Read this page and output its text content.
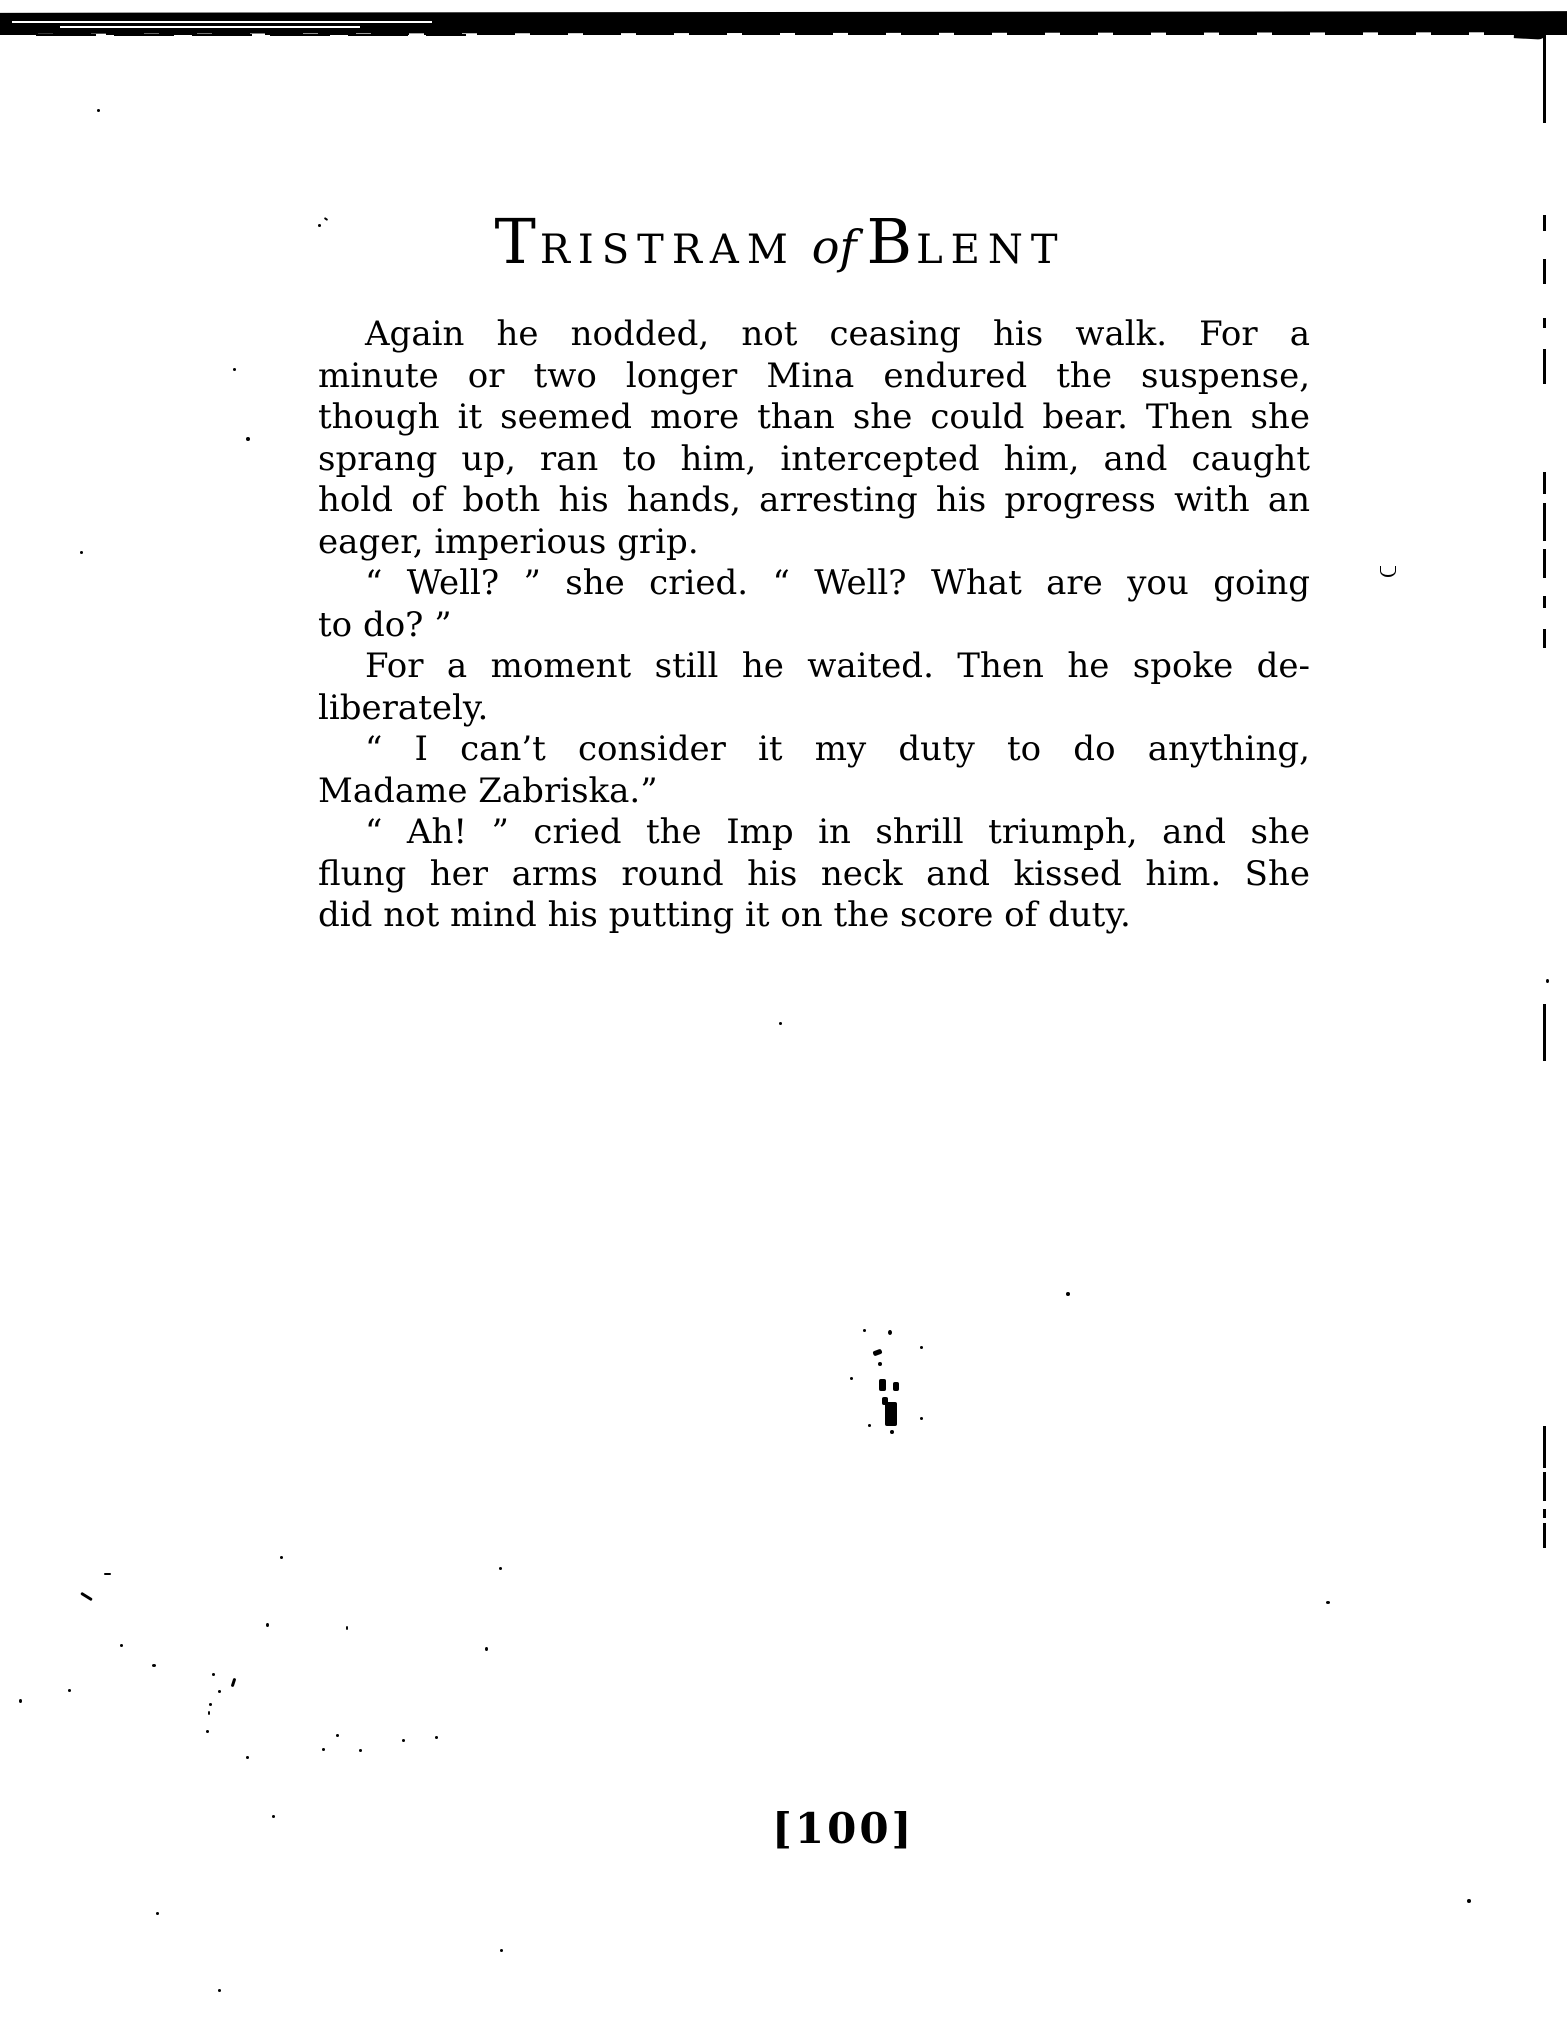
TRISTRAM of BLENT
Again he nodded, not ceasing his walk. For a
minute or two longer Mina endured the suspense,
though it seemed more than she could bear. Then she
sprang up, ran to him, intercepted him, and caught
hold of both his hands, arresting his progress with an
eager, imperious grip.
“ Well? ” she cried. “ Well? What are you going
to do? ”
For a moment still he waited. Then he spoke de-
liberately.
“ I can’t consider it my duty to do anything,
Madame Zabriska.”
“ Ah! ” cried the Imp in shrill triumph, and she
flung her arms round his neck and kissed him. She
did not mind his putting it on the score of duty.
[100]
